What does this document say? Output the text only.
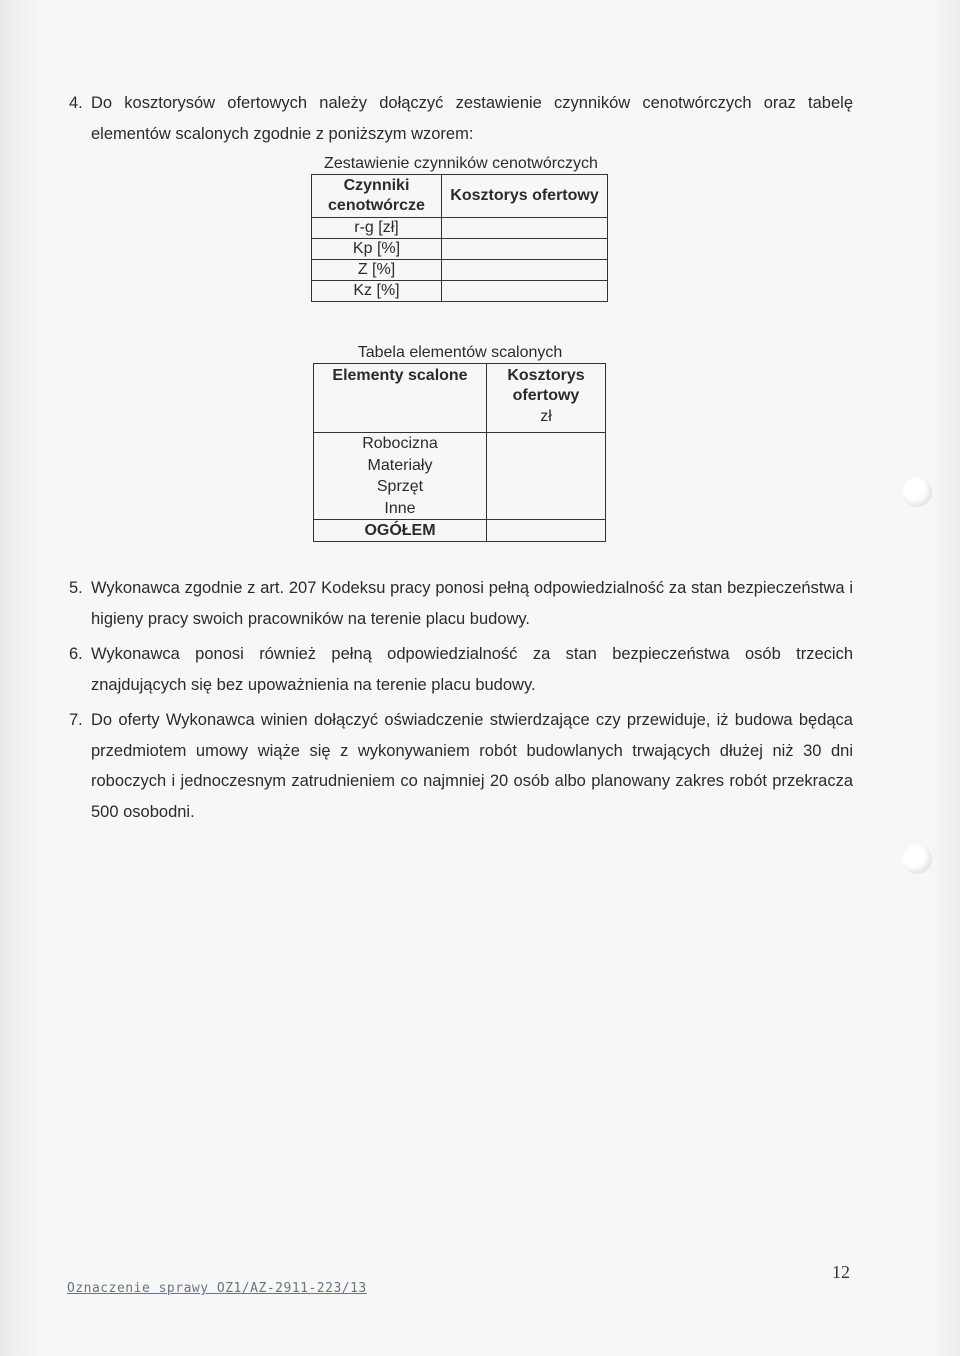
4. Do kosztorysów ofertowych należy dołączyć zestawienie czynników cenotwórczych oraz tabelę elementów scalonych zgodnie z poniższym wzorem:
Zestawienie czynników cenotwórczych
Czynniki cenotwórcze	Kosztorys ofertowy
r-g [zł]	
Kp [%]	
Z [%]	
Kz [%]	
Tabela elementów scalonych
Elementy scalone	Kosztorys ofertowy
zł

Robocizna
Materiały
Sprzęt
Inne	

OGÓŁEM	
5. Wykonawca zgodnie z art. 207 Kodeksu pracy ponosi pełną odpowiedzialność za stan bezpieczeństwa i higieny pracy swoich pracowników na terenie placu budowy.
6. Wykonawca ponosi również pełną odpowiedzialność za stan bezpieczeństwa osób trzecich znajdujących się bez upoważnienia na terenie placu budowy.
7. Do oferty Wykonawca winien dołączyć oświadczenie stwierdzające czy przewiduje, iż budowa będąca przedmiotem umowy wiąże się z wykonywaniem robót budowlanych trwających dłużej niż 30 dni roboczych i jednoczesnym zatrudnieniem co najmniej 20 osób albo planowany zakres robót przekracza 500 osobodni.
12
Oznaczenie sprawy OZ1/AZ-2911-223/13
